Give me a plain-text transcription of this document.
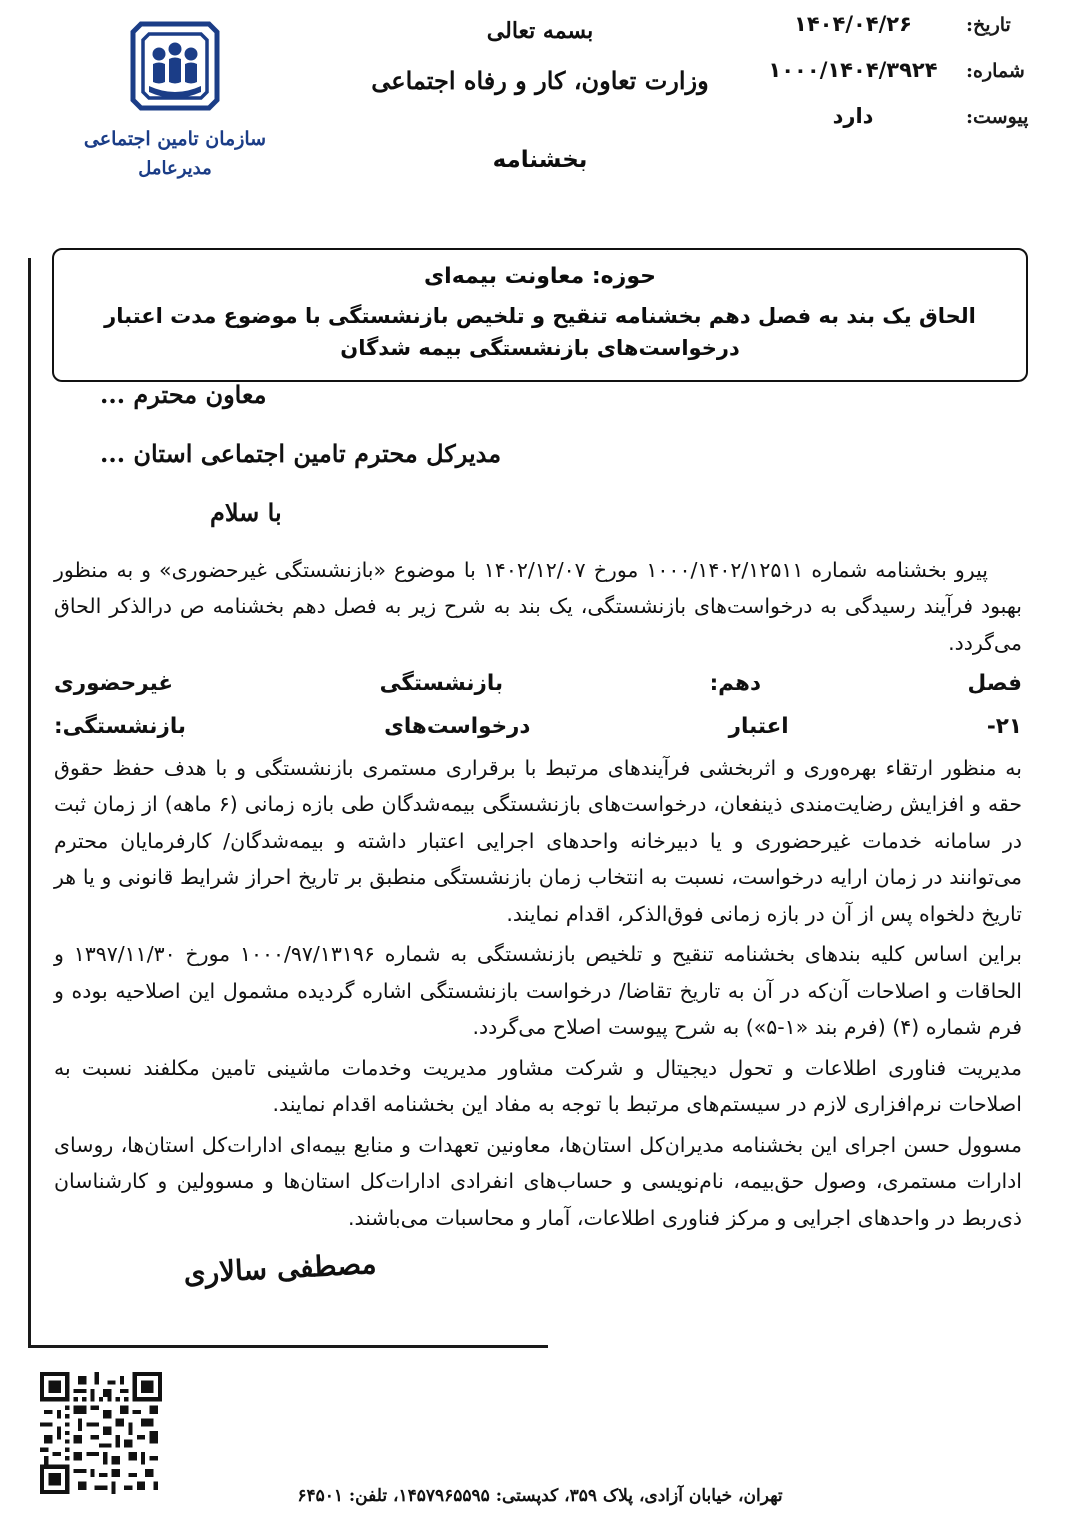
تاریخ:
۱۴۰۴/۰۴/۲۶
شماره:
۱۰۰۰/۱۴۰۴/۳۹۲۴
پیوست:
دارد
بسمه تعالی
وزارت تعاون، کار و رفاه اجتماعی
بخشنامه
سازمان تامین اجتماعی
مدیرعامل
حوزه: معاونت بیمه‌ای
الحاق یک بند به فصل دهم بخشنامه تنقیح و تلخیص بازنشستگی با موضوع مدت اعتبار درخواست‌های بازنشستگی بیمه شدگان
معاون محترم ...
مدیرکل محترم تامین اجتماعی استان ...
با سلام

پیرو بخشنامه شماره ۱۰۰۰/۱۴۰۲/۱۲۵۱۱ مورخ ۱۴۰۲/۱۲/۰۷ با موضوع «بازنشستگی غیرحضوری» و به منظور بهبود فرآیند رسیدگی به درخواست‌های بازنشستگی، یک بند به شرح زیر به فصل دهم بخشنامه ص درالذکر الحاق می‌گردد.

فصل دهم: بازنشستگی غیرحضوری

۲۱- اعتبار درخواست‌های بازنشستگی:

به منظور ارتقاء بهره‌وری و اثربخشی فرآیندهای مرتبط با برقراری مستمری بازنشستگی و با هدف حفظ حقوق حقه و افزایش رضایت‌مندی ذینفعان، درخواست‌های بازنشستگی بیمه‌شدگان طی بازه زمانی (۶ ماهه) از زمان ثبت در سامانه خدمات غیرحضوری و یا دبیرخانه واحدهای اجرایی اعتبار داشته و بیمه‌شدگان/ کارفرمایان محترم می‌توانند در زمان ارایه درخواست، نسبت به انتخاب زمان بازنشستگی منطبق بر تاریخ احراز شرایط قانونی و یا هر تاریخ دلخواه پس از آن در بازه زمانی فوق‌الذکر، اقدام نمایند.

براین اساس کلیه بندهای بخشنامه تنقیح و تلخیص بازنشستگی به شماره ۱۰۰۰/۹۷/۱۳۱۹۶ مورخ ۱۳۹۷/۱۱/۳۰ و الحاقات و اصلاحات آن‌که در آن به تاریخ تقاضا/ درخواست بازنشستگی اشاره گردیده مشمول این اصلاحیه بوده و فرم شماره (۴) (فرم بند «۱-۵») به شرح پیوست اصلاح می‌گردد.

مدیریت فناوری اطلاعات و تحول دیجیتال و شرکت مشاور مدیریت وخدمات ماشینی تامین مکلفند نسبت به اصلاحات نرم‌افزاری لازم در سیستم‌های مرتبط با توجه به مفاد این بخشنامه اقدام نمایند.

مسوول حسن اجرای این بخشنامه مدیران‌کل استان‌ها، معاونین تعهدات و منابع بیمه‌ای ادارات‌کل استان‌ها، روسای ادارات مستمری، وصول حق‌بیمه، نام‌نویسی و حساب‌های انفرادی ادارات‌کل استان‌ها و مسوولین و کارشناسان ذی‌ربط در واحدهای اجرایی و مرکز فناوری اطلاعات، آمار و محاسبات می‌باشند.

مصطفی سالاری
تهران، خیابان آزادی، پلاک ۳۵۹، کدپستی: ۱۴۵۷۹۶۵۵۹۵، تلفن: ۶۴۵۰۱
